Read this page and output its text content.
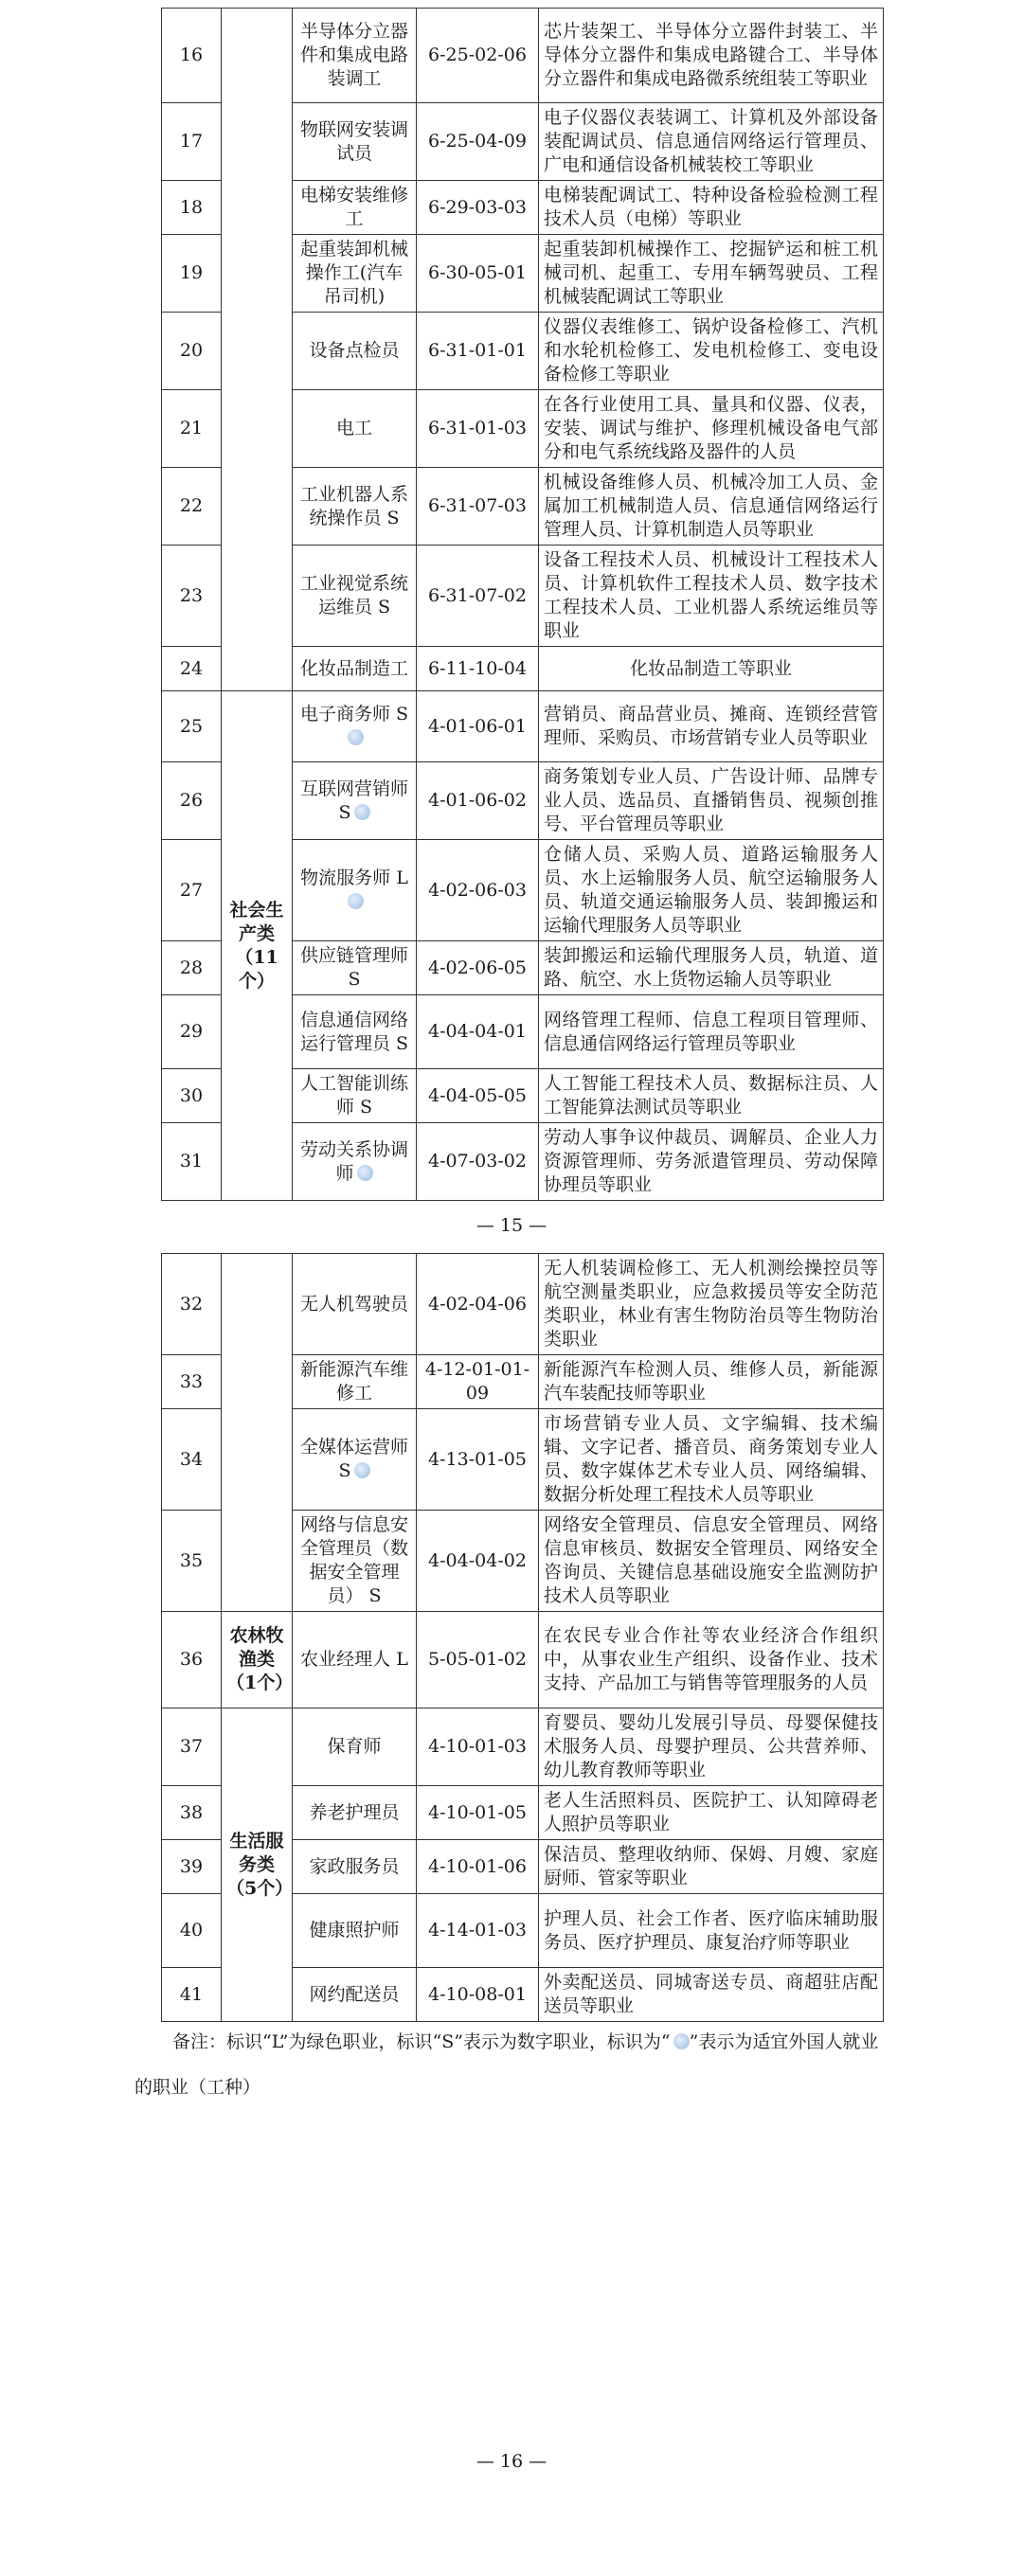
16		半导体分立器件和集成电路装调工	6-25-02-06	芯片装架工、半导体分立器件封装工、半导体分立器件和集成电路键合工、半导体分立器件和集成电路微系统组装工等职业
17		物联网安装调试员	6-25-04-09	电子仪器仪表装调工、计算机及外部设备装配调试员、信息通信网络运行管理员、广电和通信设备机械装校工等职业
18		电梯安装维修工	6-29-03-03	电梯装配调试工、特种设备检验检测工程技术人员（电梯）等职业
19		起重装卸机械操作工(汽车吊司机)	6-30-05-01	起重装卸机械操作工、挖掘铲运和桩工机械司机、起重工、专用车辆驾驶员、工程机械装配调试工等职业
20		设备点检员	6-31-01-01	仪器仪表维修工、锅炉设备检修工、汽机和水轮机检修工、发电机检修工、变电设备检修工等职业
21		电工	6-31-01-03	在各行业使用工具、量具和仪器、仪表，安装、调试与维护、修理机械设备电气部分和电气系统线路及器件的人员
22		工业机器人系统操作员 S	6-31-07-03	机械设备维修人员、机械冷加工人员、金属加工机械制造人员、信息通信网络运行管理人员、计算机制造人员等职业
23		工业视觉系统运维员 S	6-31-07-02	设备工程技术人员、机械设计工程技术人员、计算机软件工程技术人员、数字技术工程技术人员、工业机器人系统运维员等职业
24		化妆品制造工	6-11-10-04	化妆品制造工等职业
25	社会生产类（11个）	电子商务师 S	4-01-06-01	营销员、商品营业员、摊商、连锁经营管理师、采购员、市场营销专业人员等职业
26		互联网营销师 S	4-01-06-02	商务策划专业人员、广告设计师、品牌专业人员、选品员、直播销售员、视频创推号、平台管理员等职业
27		物流服务师 L	4-02-06-03	仓储人员、采购人员、道路运输服务人员、水上运输服务人员、航空运输服务人员、轨道交通运输服务人员、装卸搬运和运输代理服务人员等职业
28		供应链管理师 S	4-02-06-05	装卸搬运和运输代理服务人员，轨道、道路、航空、水上货物运输人员等职业
29		信息通信网络运行管理员 S	4-04-04-01	网络管理工程师、信息工程项目管理师、信息通信网络运行管理员等职业
30		人工智能训练师 S	4-04-05-05	人工智能工程技术人员、数据标注员、人工智能算法测试员等职业
31		劳动关系协调师	4-07-03-02	劳动人事争议仲裁员、调解员、企业人力资源管理师、劳务派遣管理员、劳动保障协理员等职业
— 15 —
32		无人机驾驶员	4-02-04-06	无人机装调检修工、无人机测绘操控员等航空测量类职业，应急救援员等安全防范类职业，林业有害生物防治员等生物防治类职业
33		新能源汽车维修工	4-12-01-01-09	新能源汽车检测人员、维修人员，新能源汽车装配技师等职业
34		全媒体运营师 S	4-13-01-05	市场营销专业人员、文字编辑、技术编辑、文字记者、播音员、商务策划专业人员、数字媒体艺术专业人员、网络编辑、数据分析处理工程技术人员等职业
35		网络与信息安全管理员（数据安全管理员） S	4-04-04-02	网络安全管理员、信息安全管理员、网络信息审核员、数据安全管理员、网络安全咨询员、关键信息基础设施安全监测防护技术人员等职业
36	农林牧渔类（1个）	农业经理人 L	5-05-01-02	在农民专业合作社等农业经济合作组织中，从事农业生产组织、设备作业、技术支持、产品加工与销售等管理服务的人员
37	生活服务类（5个）	保育师	4-10-01-03	育婴员、婴幼儿发展引导员、母婴保健技术服务人员、母婴护理员、公共营养师、幼儿教育教师等职业
38		养老护理员	4-10-01-05	老人生活照料员、医院护工、认知障碍老人照护员等职业
39		家政服务员	4-10-01-06	保洁员、整理收纳师、保姆、月嫂、家庭厨师、管家等职业
40		健康照护师	4-14-01-03	护理人员、社会工作者、医疗临床辅助服务员、医疗护理员、康复治疗师等职业
41		网约配送员	4-10-08-01	外卖配送员、同城寄送专员、商超驻店配送员等职业
备注：标识“L”为绿色职业，标识“S”表示为数字职业，标识为“ ”表示为适宜外国人就业
的职业（工种）
— 16 —
